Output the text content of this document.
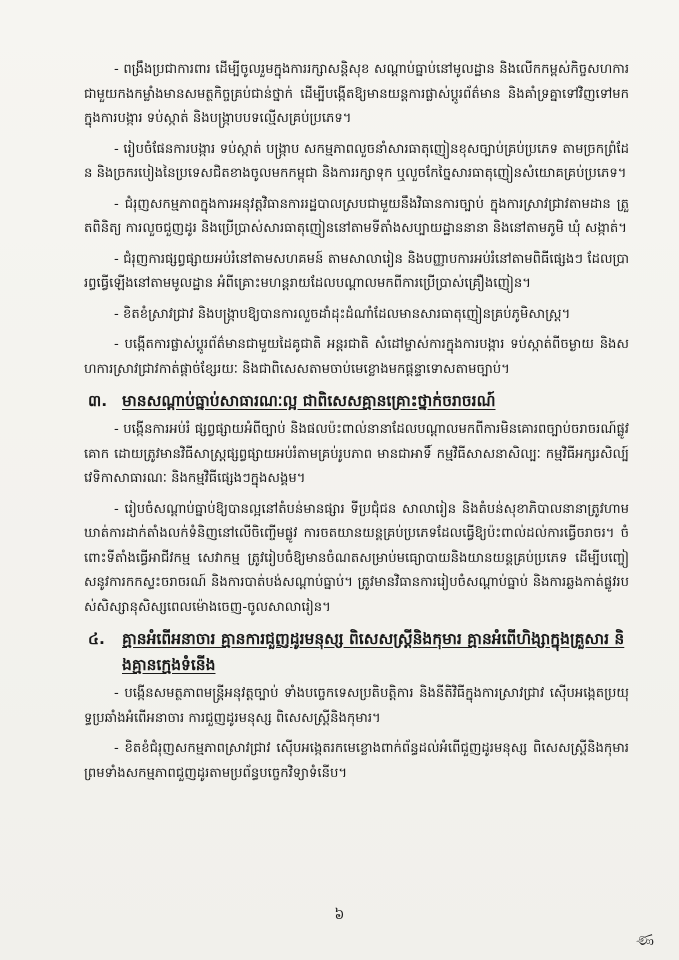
- ពង្រឹងប្រជាការពារ ដើម្បីចូលរួមក្នុងការរក្សាសន្តិសុខ សណ្តាប់ធ្នាប់នៅមូលដ្ឋាន និងលើកកម្ពស់កិច្ចសហការជាមួយកងកម្លាំងមានសមត្ថកិច្ចគ្រប់ជាន់ថ្នាក់ ដើម្បីបង្កើតឱ្យមានយន្តការផ្លាស់ប្តូរព័ត៌មាន និងគាំទ្រគ្នាទៅវិញទៅមក ក្នុងការបង្ការ ទប់ស្កាត់ និងបង្ក្រាបបទល្មើសគ្រប់ប្រភេទ។

- រៀបចំផែនការបង្ការ ទប់ស្កាត់ បង្ក្រាប សកម្មភាពលួចនាំសារធាតុញៀនខុសច្បាប់គ្រប់ប្រភេទ តាមច្រកព្រំដែន និងច្រករបៀងនៃប្រទេសជិតខាងចូលមកកម្ពុជា និងការរក្សាទុក ឬលួចកែច្នៃសារធាតុញៀនសំយោគគ្រប់ប្រភេទ។

- ជំរុញសកម្មភាពក្នុងការអនុវត្តវិធានការរដ្ឋបាលស្របជាមួយនឹងវិធានការច្បាប់ ក្នុងការស្រាវជ្រាវតាមដាន ត្រួតពិនិត្យ ការលួចជួញដូរ និងប្រើប្រាស់សារធាតុញៀននៅតាមទីតាំងសប្បាយដ្ឋាននានា និងនៅតាមភូមិ ឃុំ សង្កាត់។

- ជំរុញការផ្សព្វផ្សាយអប់រំនៅតាមសហគមន៍ តាមសាលារៀន និងបញ្ញាបការអប់រំនៅតាមពិធីផ្សេងៗ ដែលប្រារព្ធធ្វើឡើងនៅតាមមូលដ្ឋាន អំពីគ្រោះមហន្តរាយដែលបណ្តាលមកពីការប្រើប្រាស់គ្រឿងញៀន។

- ខិតខំស្រាវជ្រាវ និងបង្ក្រាបឱ្យបានការលួចដាំដុះដំណាំដែលមានសារធាតុញៀនគ្រប់ភូមិសាស្ត្រ។

- បង្កើតការផ្លាស់ប្តូរព័ត៌មានជាមួយដៃគូជាតិ អន្តរជាតិ សំដៅម្ចាស់ការក្នុងការបង្ការ ទប់ស្កាត់ពីចម្ងាយ និងសហការស្រាវជ្រាវកាត់ផ្តាច់ខ្សែរយៈ និងជាពិសេសតាមចាប់មេខ្លោងមកផ្តន្ទាទោសតាមច្បាប់។

៣. មានសណ្តាប់ធ្នាប់សាធារណៈល្អ ជាពិសេសគ្មានគ្រោះថ្នាក់ចរាចរណ៍

- បង្កើនការអប់រំ ផ្សព្វផ្សាយអំពីច្បាប់ និងផលប៉ះពាល់នានាដែលបណ្តាលមកពីការមិនគោរពច្បាប់ចរាចរណ៍ផ្លូវគោក ដោយត្រូវមានវិធីសាស្ត្រផ្សព្វផ្សាយអប់រំតាមគ្រប់រូបភាព មានជាអាទិ៍ កម្មវិធីសាសនាសិល្បៈ កម្មវិធីអក្សរសិល្ប៍ វេទិកាសាធារណៈ និងកម្មវិធីផ្សេងៗក្នុងសង្គម។

- រៀបចំសណ្តាប់ធ្នាប់ឱ្យបានល្អនៅតំបន់មានផ្សារ ទីប្រជុំជន សាលារៀន និងតំបន់សុខាភិបាលនានាត្រូវហាមឃាត់ការដាក់តាំងលក់ទំនិញនៅលើចិញ្ចើមផ្លូវ ការចតយានយន្តគ្រប់ប្រភេទដែលធ្វើឱ្យប៉ះពាល់ដល់ការធ្វើចរាចរ។ ចំពោះទីតាំងធ្វើអាជីវកម្ម សេវាកម្ម ត្រូវរៀបចំឱ្យមានចំណតសម្រាប់មធ្យោបាយនិងយានយន្តគ្រប់ប្រភេទ ដើម្បីបញ្ចៀសនូវការកកស្ទះចរាចរណ៍ និងការបាត់បង់សណ្តាប់ធ្នាប់។ ត្រូវមានវិធានការរៀបចំសណ្តាប់ធ្នាប់ និងការឆ្លងកាត់ផ្លូវរបស់សិស្សានុសិស្សពេលម៉ោងចេញ-ចូលសាលារៀន។

៤.	គ្មានអំពើអនាចារ គ្មានការជួញដូរមនុស្ស ពិសេសស្ត្រីនិងកុមារ គ្មានអំពើហិង្សាក្នុងគ្រួសារ និងគ្មានក្មេងទំនើង

- បង្កើនសមត្ថភាពមន្ត្រីអនុវត្តច្បាប់ ទាំងបច្ចេកទេសប្រតិបត្តិការ និងនីតិវិធីក្នុងការស្រាវជ្រាវ ស៊ើបអង្កេតប្រយុទ្ធប្រឆាំងអំពើអនាចារ ការជួញដូរមនុស្ស ពិសេសស្ត្រីនិងកុមារ។

- ខិតខំជំរុញសកម្មភាពស្រាវជ្រាវ ស៊ើបអង្កេតរកមេខ្លោងពាក់ព័ន្ធដល់អំពើជួញដូរមនុស្ស ពិសេសស្ត្រីនិងកុមារ ព្រមទាំងសកម្មភាពជួញដូរតាមប្រព័ន្ធបច្ចេកវិទ្យាទំនើប។

៦
ණ
